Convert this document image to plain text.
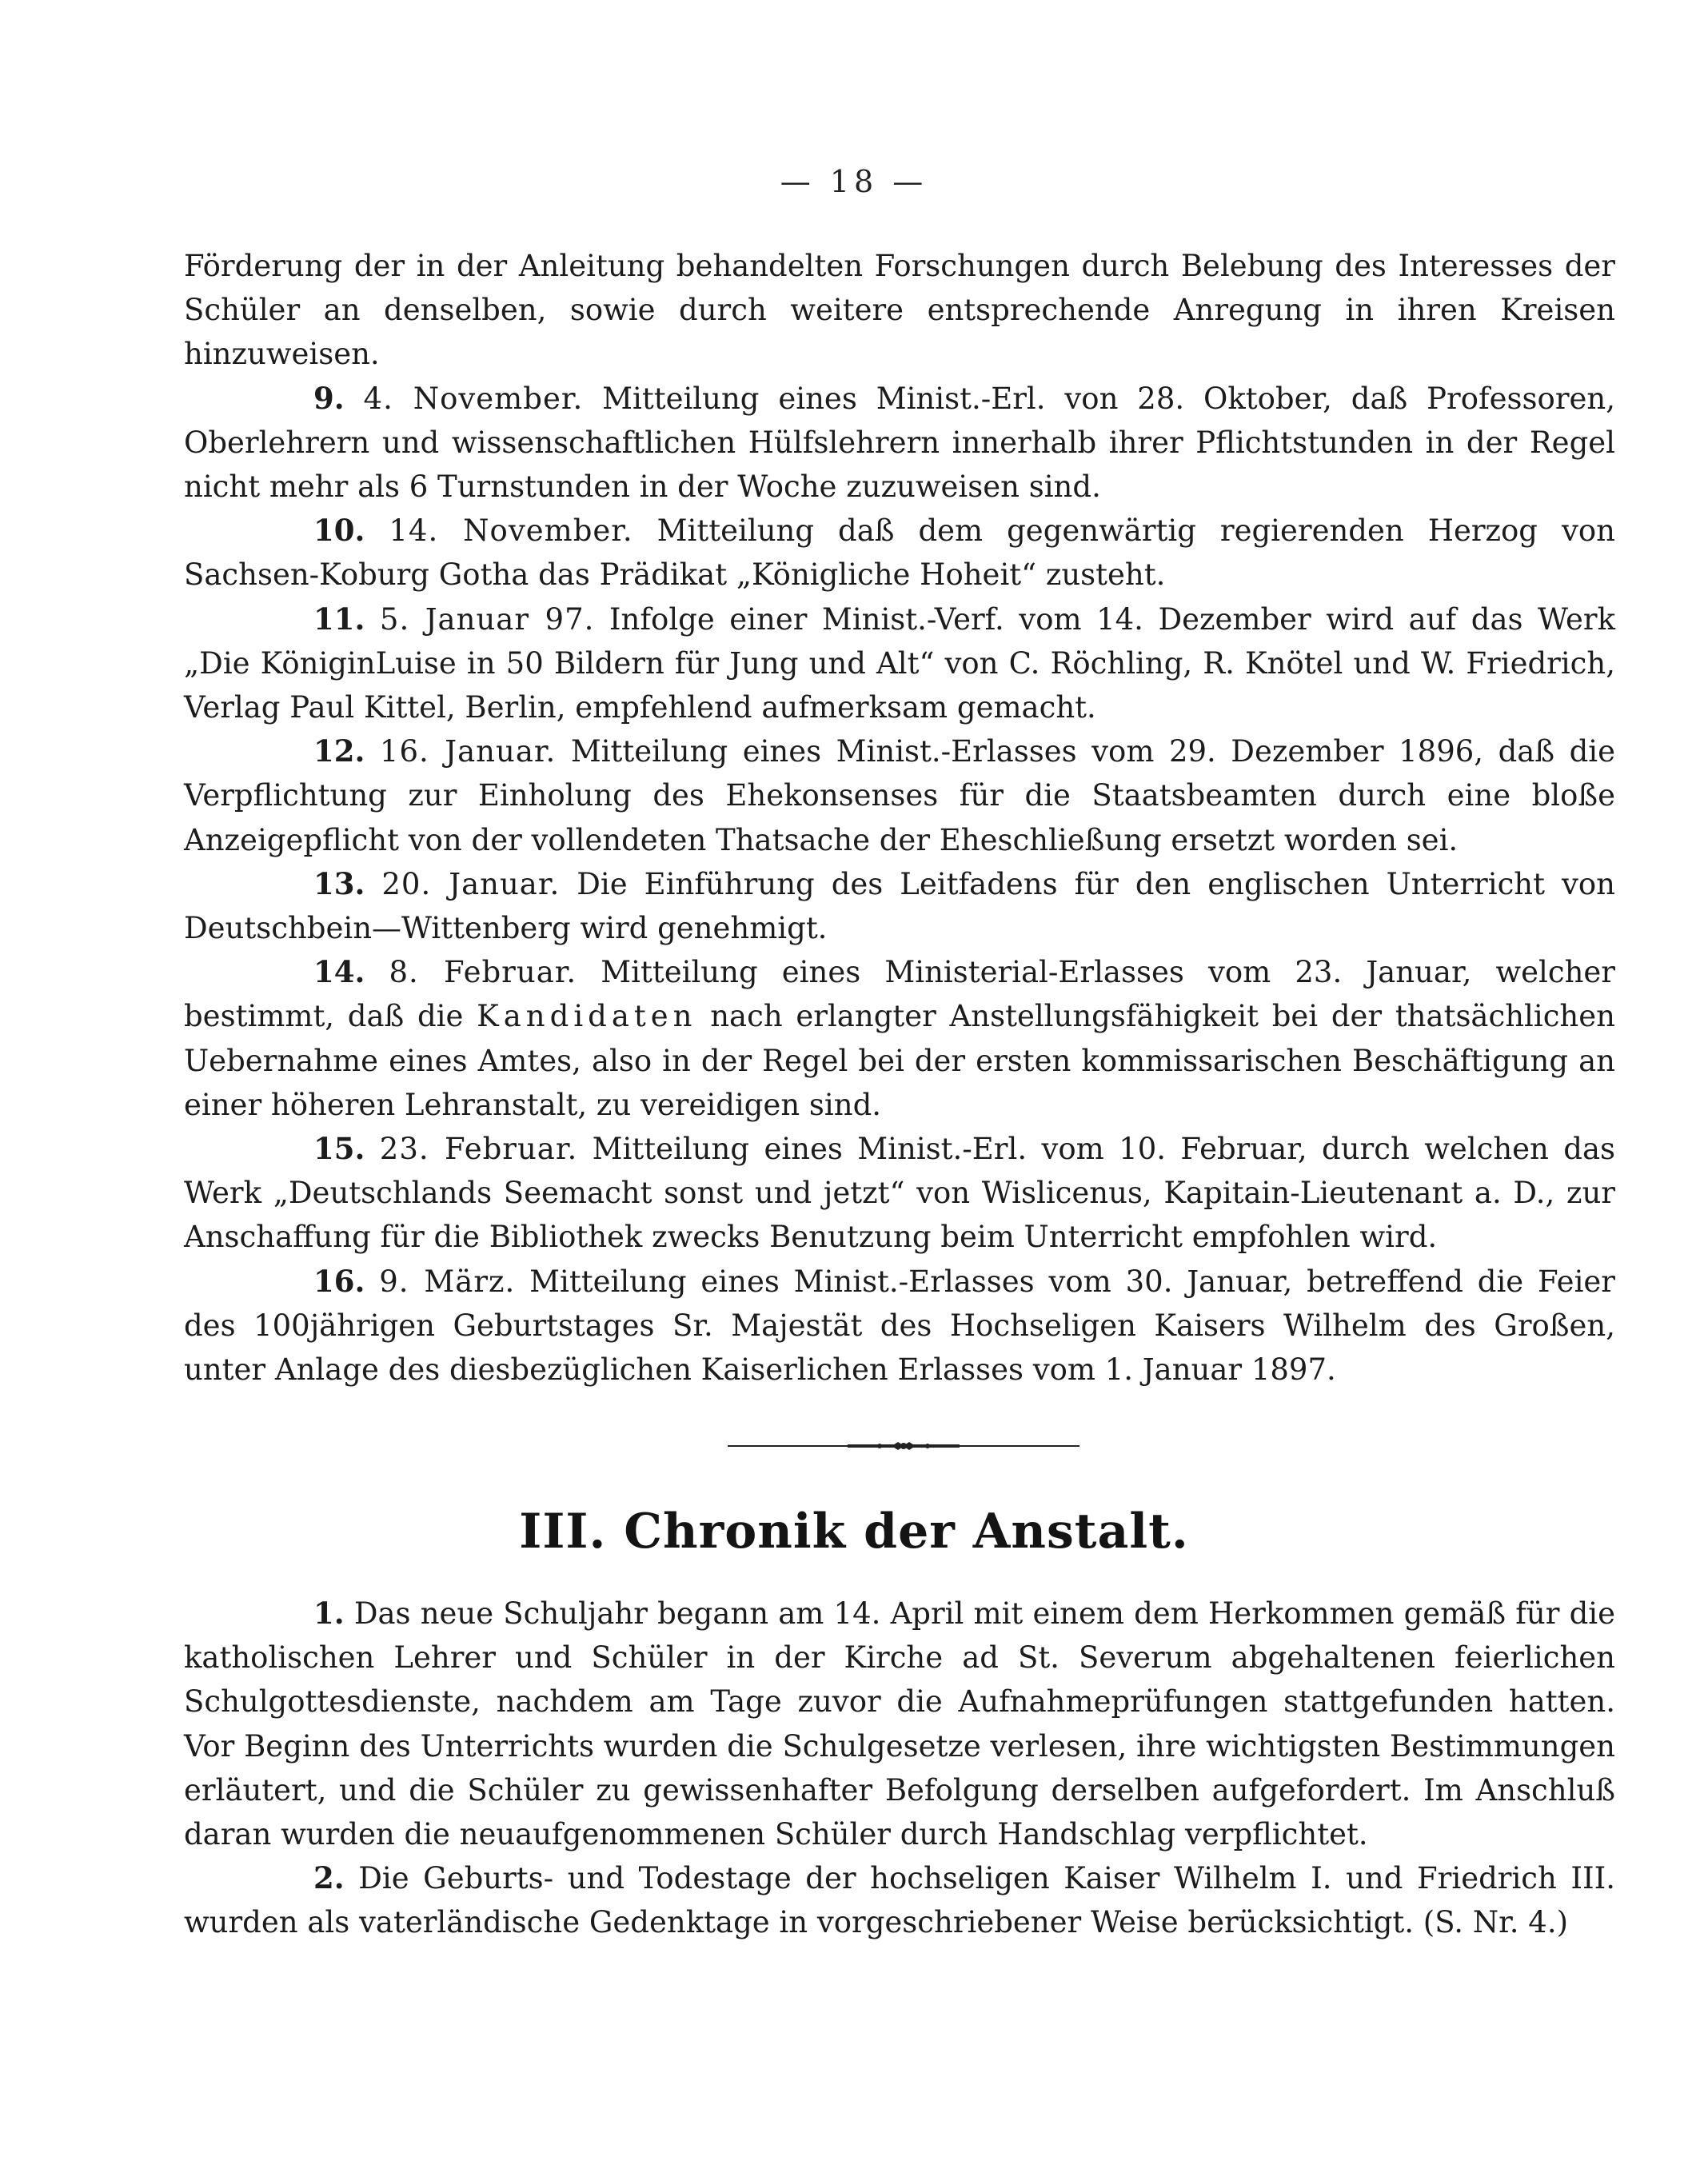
— 18 —

Förderung der in der Anleitung behandelten Forschungen durch Belebung des Interesses der Schüler an denselben, sowie durch weitere entsprechende Anregung in ihren Kreisen hinzuweisen.

9. 4. November. Mitteilung eines Minist.-Erl. von 28. Oktober, daß Professoren, Oberlehrern und wissenschaftlichen Hülfslehrern innerhalb ihrer Pflichtstunden in der Regel nicht mehr als 6 Turnstunden in der Woche zuzuweisen sind.

10. 14. November. Mitteilung daß dem gegenwärtig regierenden Herzog von Sachsen-Koburg Gotha das Prädikat „Königliche Hoheit“ zusteht.

11. 5. Januar 97. Infolge einer Minist.-Verf. vom 14. Dezember wird auf das Werk „Die KöniginLuise in 50 Bildern für Jung und Alt“ von C. Röchling, R. Knötel und W. Friedrich, Verlag Paul Kittel, Berlin, empfehlend aufmerksam gemacht.

12. 16. Januar. Mitteilung eines Minist.-Erlasses vom 29. Dezember 1896, daß die Verpflichtung zur Einholung des Ehekonsenses für die Staatsbeamten durch eine bloße Anzeigepflicht von der vollendeten Thatsache der Eheschließung ersetzt worden sei.

13. 20. Januar. Die Einführung des Leitfadens für den englischen Unterricht von Deutschbein—Wittenberg wird genehmigt.

14. 8. Februar. Mitteilung eines Ministerial-Erlasses vom 23. Januar, welcher bestimmt, daß die Kandidaten nach erlangter Anstellungsfähigkeit bei der thatsächlichen Uebernahme eines Amtes, also in der Regel bei der ersten kommissarischen Beschäftigung an einer höheren Lehranstalt, zu vereidigen sind.

15. 23. Februar. Mitteilung eines Minist.-Erl. vom 10. Februar, durch welchen das Werk „Deutschlands Seemacht sonst und jetzt“ von Wislicenus, Kapitain-Lieutenant a. D., zur Anschaffung für die Bibliothek zwecks Benutzung beim Unterricht empfohlen wird.

16. 9. März. Mitteilung eines Minist.-Erlasses vom 30. Januar, betreffend die Feier des 100jährigen Geburtstages Sr. Majestät des Hochseligen Kaisers Wilhelm des Großen, unter Anlage des diesbezüglichen Kaiserlichen Erlasses vom 1. Januar 1897.

III. Chronik der Anstalt.

1. Das neue Schuljahr begann am 14. April mit einem dem Herkommen gemäß für die katholischen Lehrer und Schüler in der Kirche ad St. Severum abgehaltenen feierlichen Schulgottesdienste, nachdem am Tage zuvor die Aufnahmeprüfungen stattgefunden hatten. Vor Beginn des Unterrichts wurden die Schulgesetze verlesen, ihre wichtigsten Bestimmungen erläutert, und die Schüler zu gewissenhafter Befolgung derselben aufgefordert. Im Anschluß daran wurden die neuaufgenommenen Schüler durch Handschlag verpflichtet.

2. Die Geburts- und Todestage der hochseligen Kaiser Wilhelm I. und Friedrich III. wurden als vaterländische Gedenktage in vorgeschriebener Weise berücksichtigt. (S. Nr. 4.)
